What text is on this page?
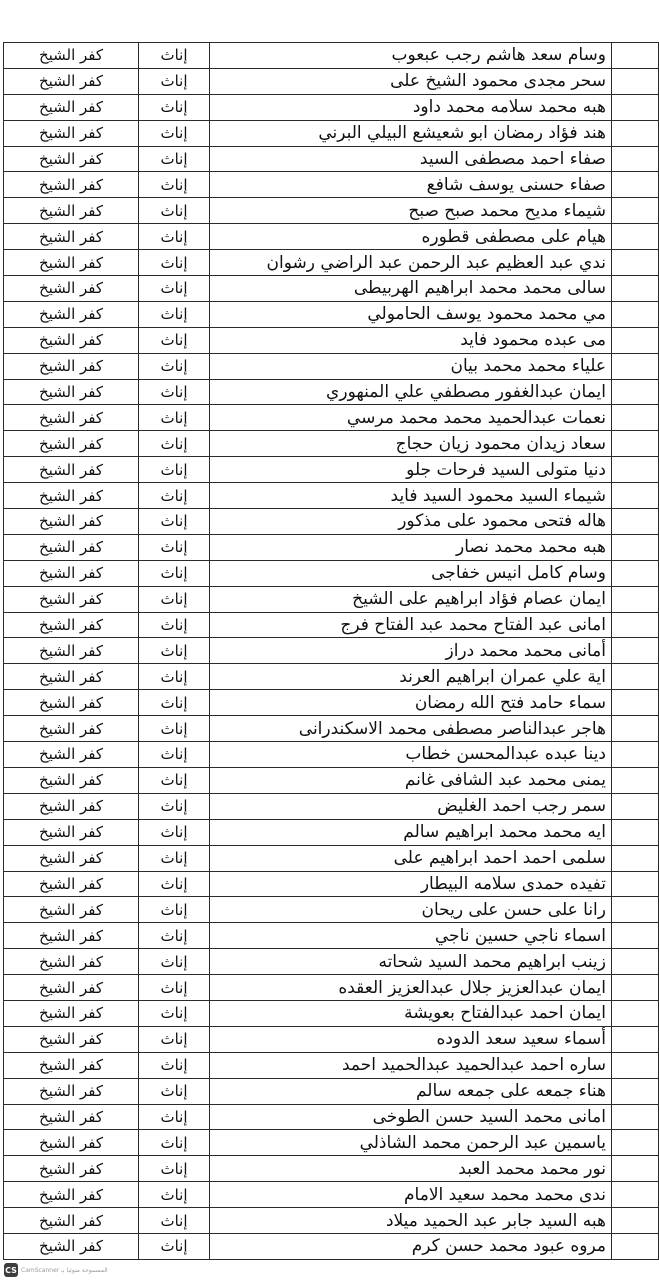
كفر الشيخ	إناث	وسام سعد هاشم رجب عبعوب	
كفر الشيخ	إناث	سحر مجدى محمود الشيخ على	
كفر الشيخ	إناث	هبه محمد سلامه محمد داود	
كفر الشيخ	إناث	هند فؤاد رمضان ابو شعيشع البيلي البرني	
كفر الشيخ	إناث	صفاء احمد مصطفى السيد	
كفر الشيخ	إناث	صفاء حسنى يوسف شافع	
كفر الشيخ	إناث	شيماء مديح محمد صبح صبح	
كفر الشيخ	إناث	هيام على مصطفى قطوره	
كفر الشيخ	إناث	ندي عبد العظيم عبد الرحمن عبد الراضي رشوان	
كفر الشيخ	إناث	سالى محمد محمد ابراهيم الهربيطى	
كفر الشيخ	إناث	مي محمد محمود يوسف الحامولي	
كفر الشيخ	إناث	مى عبده محمود فايد	
كفر الشيخ	إناث	علياء محمد محمد بيان	
كفر الشيخ	إناث	ايمان عبدالغفور مصطفي علي المنهوري	
كفر الشيخ	إناث	نعمات عبدالحميد محمد محمد مرسي	
كفر الشيخ	إناث	سعاد زيدان محمود زيان حجاج	
كفر الشيخ	إناث	دنيا متولى السيد فرحات جلو	
كفر الشيخ	إناث	شيماء السيد محمود السيد فايد	
كفر الشيخ	إناث	هاله فتحى محمود على مذكور	
كفر الشيخ	إناث	هبه محمد محمد نصار	
كفر الشيخ	إناث	وسام كامل انيس خفاجى	
كفر الشيخ	إناث	ايمان عصام فؤاد ابراهيم على الشيخ	
كفر الشيخ	إناث	امانى عبد الفتاح محمد عبد الفتاح فرج	
كفر الشيخ	إناث	أمانى محمد محمد دراز	
كفر الشيخ	إناث	اية علي عمران ابراهيم العرند	
كفر الشيخ	إناث	سماء حامد فتح الله رمضان	
كفر الشيخ	إناث	هاجر عبدالناصر مصطفى محمد الاسكندرانى	
كفر الشيخ	إناث	دينا عبده عبدالمحسن خطاب	
كفر الشيخ	إناث	يمنى محمد عبد الشافى غانم	
كفر الشيخ	إناث	سمر رجب احمد الغليض	
كفر الشيخ	إناث	ايه محمد محمد ابراهيم سالم	
كفر الشيخ	إناث	سلمى احمد احمد ابراهيم على	
كفر الشيخ	إناث	تفيده حمدى سلامه البيطار	
كفر الشيخ	إناث	رانا على حسن على ريحان	
كفر الشيخ	إناث	اسماء ناجي حسين ناجي	
كفر الشيخ	إناث	زينب ابراهيم محمد السيد شحاته	
كفر الشيخ	إناث	ايمان عبدالعزيز جلال عبدالعزيز العقده	
كفر الشيخ	إناث	ايمان احمد عبدالفتاح بعويشة	
كفر الشيخ	إناث	أسماء سعيد سعد الدوده	
كفر الشيخ	إناث	ساره احمد عبدالحميد عبدالحميد احمد	
كفر الشيخ	إناث	هناء جمعه على جمعه سالم	
كفر الشيخ	إناث	امانى محمد السيد حسن الطوخى	
كفر الشيخ	إناث	ياسمين عبد الرحمن محمد الشاذلي	
كفر الشيخ	إناث	نور محمد محمد العبد	
كفر الشيخ	إناث	ندى محمد محمد سعيد الامام	
كفر الشيخ	إناث	هبه السيد جابر عبد الحميد ميلاد	
كفر الشيخ	إناث	مروه عبود محمد حسن كرم	
CS CamScanner الممسوحة ضوئيا بـ
